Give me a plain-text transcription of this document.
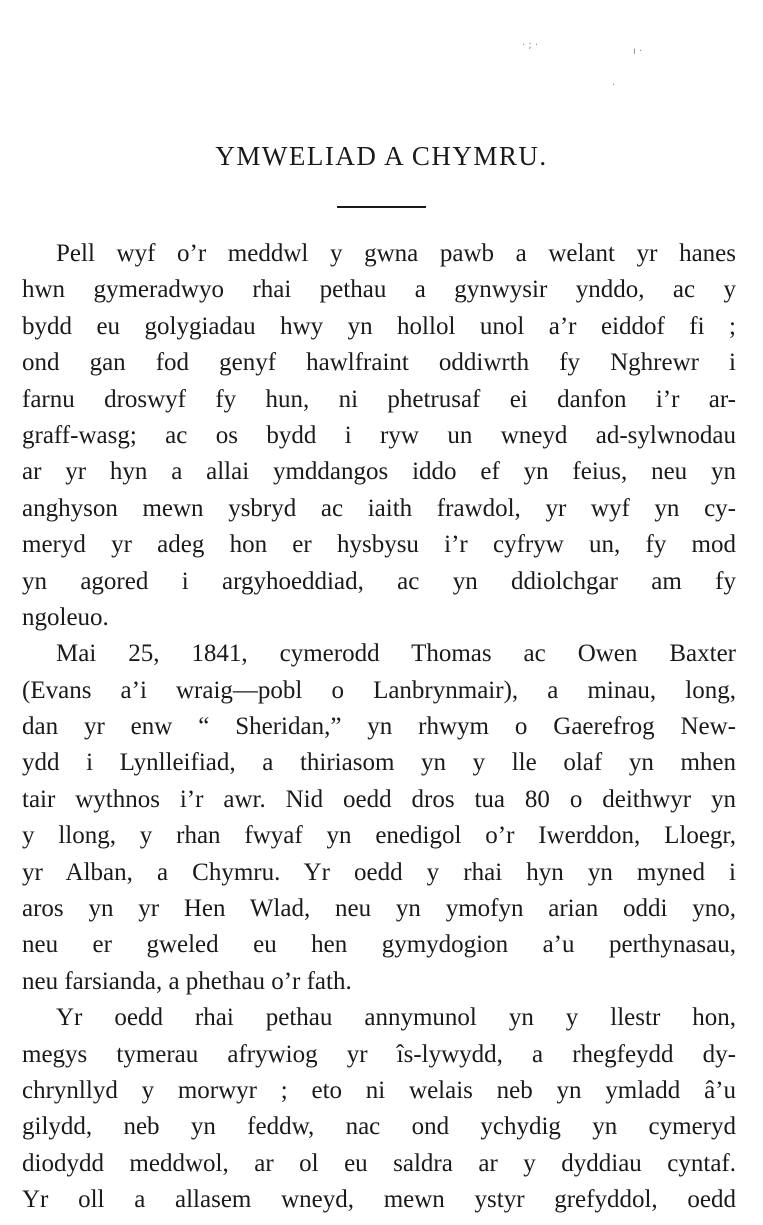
· ; ·
ı ·
·
YMWELIAD A CHYMRU.
Pell wyf o’r meddwl y gwna pawb a welant yr hanes
hwn gymeradwyo rhai pethau a gynwysir ynddo, ac y
bydd eu golygiadau hwy yn hollol unol a’r eiddof fi ;
ond gan fod genyf hawlfraint oddiwrth fy Nghrewr i
farnu droswyf fy hun, ni phetrusaf ei danfon i’r ar-
graff-wasg; ac os bydd i ryw un wneyd ad-sylwnodau
ar yr hyn a allai ymddangos iddo ef yn feius, neu yn
anghyson mewn ysbryd ac iaith frawdol, yr wyf yn cy-
meryd yr adeg hon er hysbysu i’r cyfryw un, fy mod
yn agored i argyhoeddiad, ac yn ddiolchgar am fy
ngoleuo.
Mai 25, 1841, cymerodd Thomas ac Owen Baxter
(Evans a’i wraig—pobl o Lanbrynmair), a minau, long,
dan yr enw “ Sheridan,” yn rhwym o Gaerefrog New-
ydd i Lynlleifiad, a thiriasom yn y lle olaf yn mhen
tair wythnos i’r awr. Nid oedd dros tua 80 o deithwyr yn
y llong, y rhan fwyaf yn enedigol o’r Iwerddon, Lloegr,
yr Alban, a Chymru. Yr oedd y rhai hyn yn myned i
aros yn yr Hen Wlad, neu yn ymofyn arian oddi yno,
neu er gweled eu hen gymydogion a’u perthynasau,
neu farsianda, a phethau o’r fath.
Yr oedd rhai pethau annymunol yn y llestr hon,
megys tymerau afrywiog yr îs-lywydd, a rhegfeydd dy-
chrynllyd y morwyr ; eto ni welais neb yn ymladd â’u
gilydd, neb yn feddw, nac ond ychydig yn cymeryd
diodydd meddwol, ar ol eu saldra ar y dyddiau cyntaf.
Yr oll a allasem wneyd, mewn ystyr grefyddol, oedd
